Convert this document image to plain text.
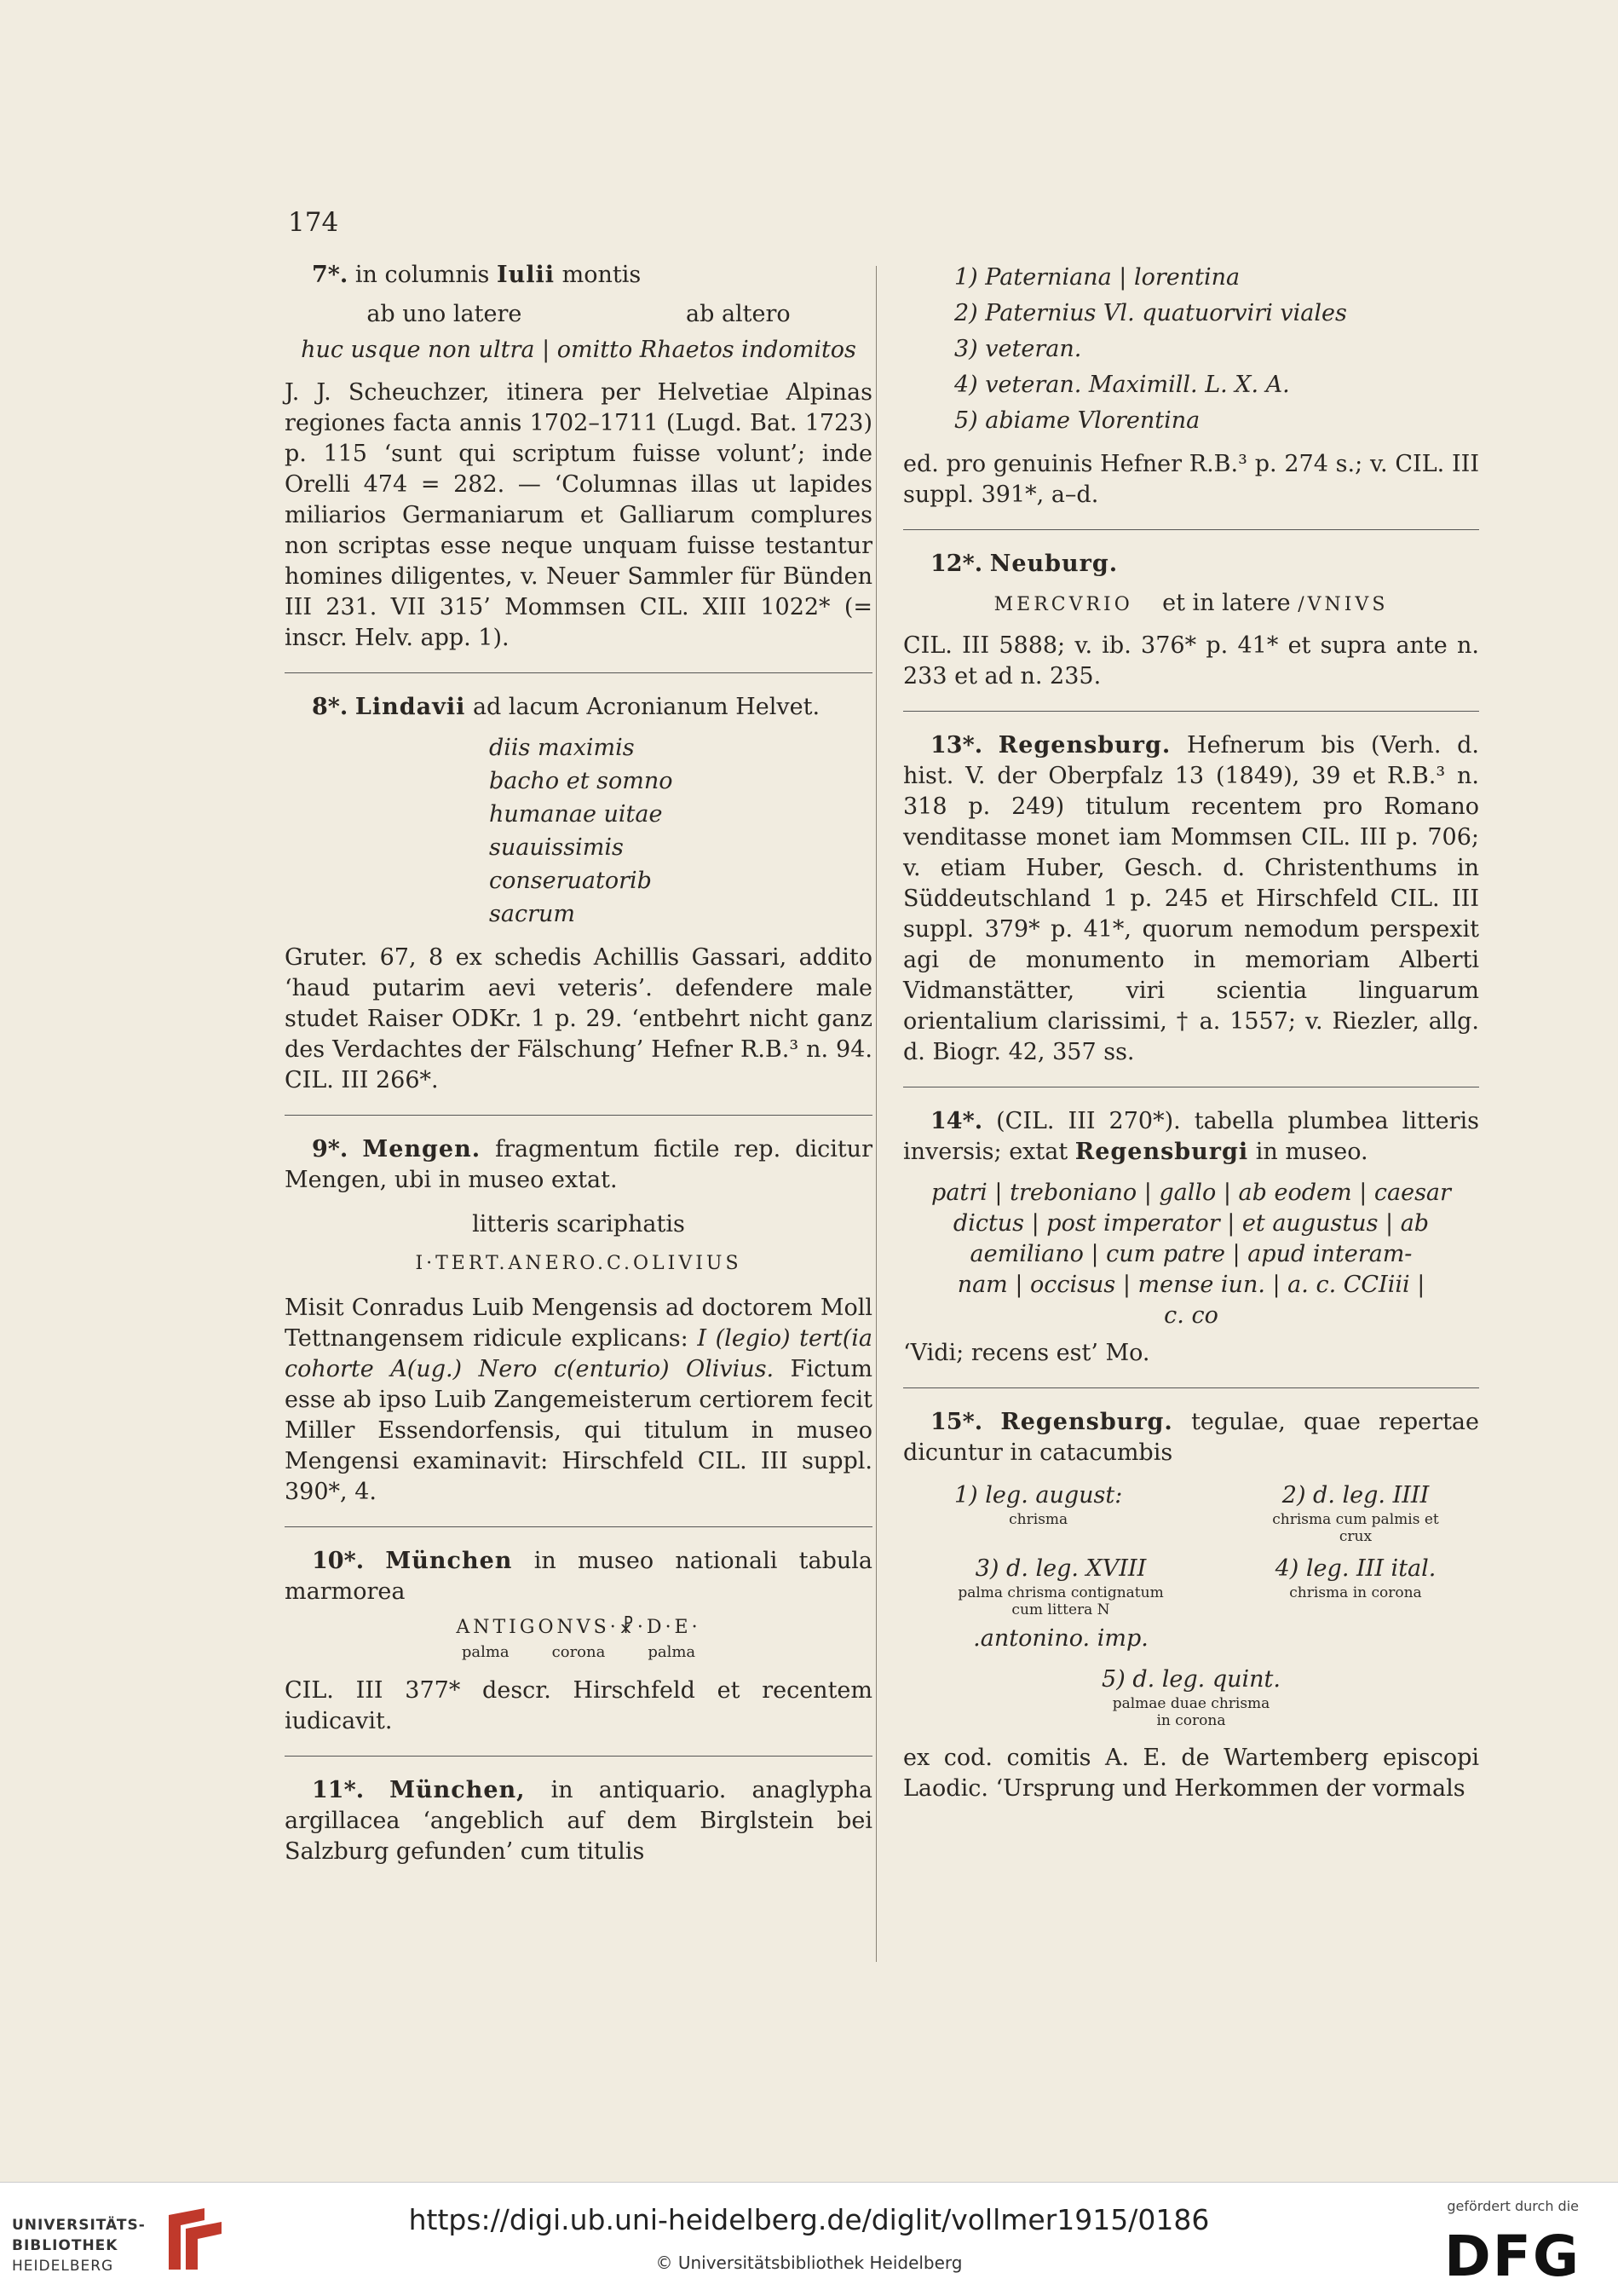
174
7*. in columnis Iulii montis
ab uno latere	ab altero
huc usque non ultra | omitto Rhaetos indomitos

J. J. Scheuchzer, itinera per Helvetiae Alpinas regiones facta annis 1702–1711 (Lugd. Bat. 1723) p. 115 ‘sunt qui scriptum fuisse volunt’; inde Orelli 474 = 282. — ‘Columnas illas ut lapides miliarios Germaniarum et Galliarum complures non scriptas esse neque unquam fuisse testantur homines diligentes, v. Neuer Sammler für Bünden III 231. VII 315’ Mommsen CIL. XIII 1022* (= inscr. Helv. app. 1).

8*. Lindavii ad lacum Acronianum Helvet.
diis maximis
bacho et somno
humanae uitae
suauissimis
conseruatorib
sacrum

Gruter. 67, 8 ex schedis Achillis Gassari, addito ‘haud putarim aevi veteris’. defendere male studet Raiser ODKr. 1 p. 29. ‘entbehrt nicht ganz des Verdachtes der Fälschung’ Hefner R.B.³ n. 94. CIL. III 266*.

9*. Mengen. fragmentum fictile rep. dicitur Mengen, ubi in museo extat.
litteris scariphatis
I·TERT.ANERO.C.OLIVIUS

Misit Conradus Luib Mengensis ad doctorem Moll Tettnangensem ridicule explicans: I (legio) tert(ia cohorte A(ug.) Nero c(enturio) Olivius. Fictum esse ab ipso Luib Zangemeisterum certiorem fecit Miller Essendorfensis, qui titulum in museo Mengensi examinavit: Hirschfeld CIL. III suppl. 390*, 4.

10*. München in museo nationali tabula marmorea
ANTIGONVS·☧·D·E·
palma	corona	palma

CIL. III 377* descr. Hirschfeld et recentem iudicavit.

11*. München, in antiquario. anaglypha argillacea ‘angeblich auf dem Birglstein bei Salzburg gefunden’ cum titulis
1) Paterniana | lorentina
2) Paternius Vl. quatuorviri viales
3) veteran.
4) veteran. Maximill. L. X. A.
5) abiame Vlorentina

ed. pro genuinis Hefner R.B.³ p. 274 s.; v. CIL. III suppl. 391*, a–d.

12*. Neuburg.
MERCVRIO et in latere /VNIVS

CIL. III 5888; v. ib. 376* p. 41* et supra ante n. 233 et ad n. 235.

13*. Regensburg. Hefnerum bis (Verh. d. hist. V. der Oberpfalz 13 (1849), 39 et R.B.³ n. 318 p. 249) titulum recentem pro Romano venditasse monet iam Mommsen CIL. III p. 706; v. etiam Huber, Gesch. d. Christenthums in Süddeutschland 1 p. 245 et Hirschfeld CIL. III suppl. 379* p. 41*, quorum nemodum perspexit agi de monumento in memoriam Alberti Vidmanstätter, viri scientia linguarum orientalium clarissimi, † a. 1557; v. Riezler, allg. d. Biogr. 42, 357 ss.

14*. (CIL. III 270*). tabella plumbea litteris inversis; extat Regensburgi in museo.

patri | treboniano | gallo | ab eodem | caesar
dictus | post imperator | et augustus | ab
aemiliano | cum patre | apud interam-
nam | occisus | mense iun. | a. c. CCIiii |
c. co

‘Vidi; recens est’ Mo.

15*. Regensburg. tegulae, quae repertae dicuntur in catacumbis

1) leg. august:
chrisma
2) d. leg. IIII
chrisma cum palmis et crux
3) d. leg. XVIII
palma chrisma contignatum cum littera N
.antonino. imp.
4) leg. III ital.
chrisma in corona
5) d. leg. quint.
palmae duae chrisma in corona

ex cod. comitis A. E. de Wartemberg episcopi Laodic. ‘Ursprung und Herkommen der vormals

UNIVERSITÄTS-
BIBLIOTHEK
HEIDELBERG
https://digi.ub.uni-heidelberg.de/diglit/vollmer1915/0186
© Universitätsbibliothek Heidelberg
gefördert durch die
DFG
